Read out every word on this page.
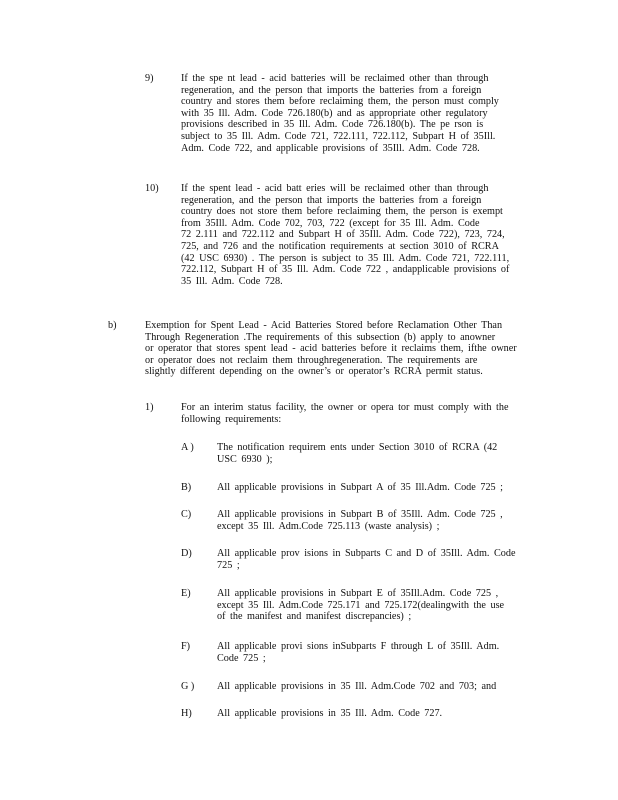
9)	If the spe nt lead - acid batteries will be reclaimed other than through
regeneration, and the person that imports the batteries from a foreign
country and stores them before reclaiming them, the person must comply
with 35 Ill. Adm. Code 726.180(b) and as appropriate other regulatory
provisions described in 35 Ill. Adm. Code 726.180(b). The pe rson is
subject to 35 Ill. Adm. Code 721, 722.111, 722.112, Subpart H of 35Ill.
Adm. Code 722, and applicable provisions of 35Ill. Adm. Code 728.
10) If the spent lead - acid batt eries will be reclaimed other than through
regeneration, and the person that imports the batteries from a foreign
country does not store them before reclaiming them, the person is exempt
from 35Ill. Adm. Code 702, 703, 722 (except for 35 Ill. Adm. Code
72 2.111 and 722.112 and Subpart H of 35Ill. Adm. Code 722), 723, 724,
725, and 726 and the notification requirements at section 3010 of RCRA
(42 USC 6930) . The person is subject to 35 Ill. Adm. Code 721, 722.111,
722.112, Subpart H of 35 Ill. Adm. Code 722 , andapplicable provisions of
35 Ill. Adm. Code 728.
b)	Exemption for Spent Lead - Acid Batteries Stored before Reclamation Other Than
Through Regeneration .The requirements of this subsection (b) apply to anowner
or operator that stores spent lead - acid batteries before it reclaims them, ifthe owner
or operator does not reclaim them throughregeneration. The requirements are
slightly different depending on the owner’s or operator’s RCRA permit status.
1)	For an interim status facility, the owner or opera tor must comply with the
following requirements:
A ) The notification requirem ents under Section 3010 of RCRA (42
USC 6930 );
B)	All applicable provisions in Subpart A of 35 Ill.Adm. Code 725 ;
C)	All applicable provisions in Subpart B of 35Ill. Adm. Code 725 ,
except 35 Ill. Adm.Code 725.113 (waste analysis) ;
D) All applicable prov isions in Subparts C and D of 35Ill. Adm. Code
725 ;
E)	All applicable provisions in Subpart E of 35Ill.Adm. Code 725 ,
except 35 Ill. Adm.Code 725.171 and 725.172(dealingwith the use
of the manifest and manifest discrepancies) ;
F)	All applicable provi sions inSubparts F through L of 35Ill. Adm.
Code 725 ;
G ) All applicable provisions in 35 Ill. Adm.Code 702 and 703; and
H) All applicable provisions in 35 Ill. Adm. Code 727.
